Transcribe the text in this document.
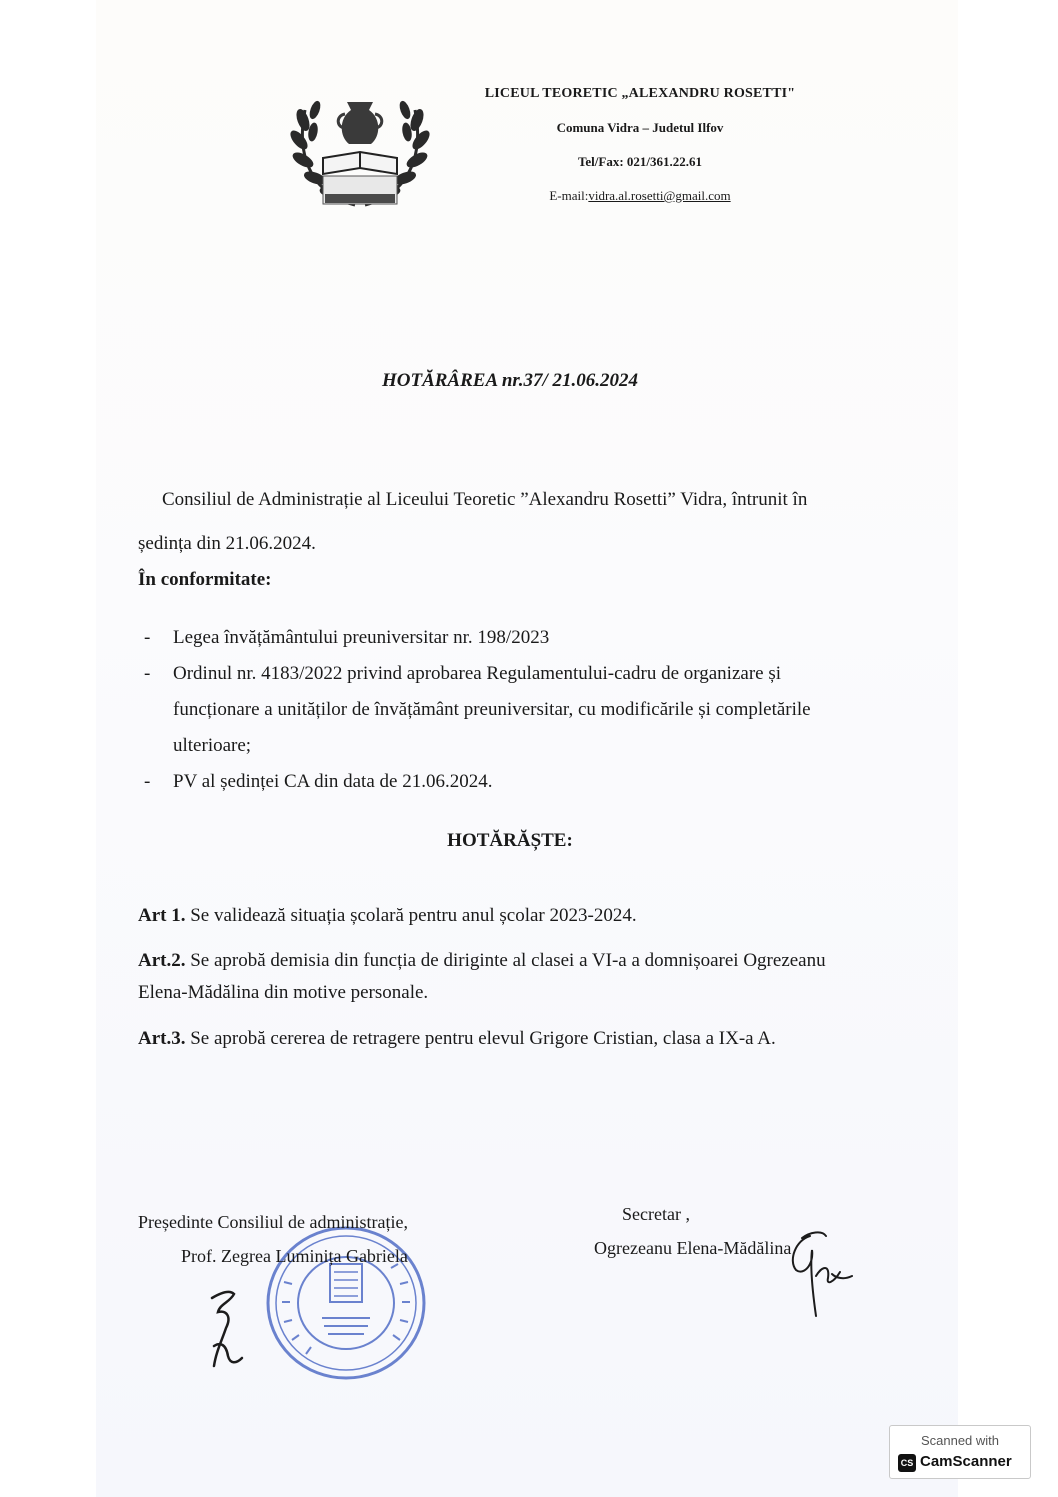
LICEUL TEORETIC „ALEXANDRU ROSETTI"
Comuna Vidra – Judetul Ilfov
Tel/Fax: 021/361.22.61
E-mail:vidra.al.rosetti@gmail.com
HOTĂRÂREA nr.37/ 21.06.2024
Consiliul de Administrație al Liceului Teoretic ”Alexandru Rosetti” Vidra, întrunit în ședința din 21.06.2024.
În conformitate:
- Legea învățământului preuniversitar nr. 198/2023
- Ordinul nr. 4183/2022 privind aprobarea Regulamentului-cadru de organizare și funcționare a unităților de învățământ preuniversitar, cu modificările și completările ulterioare;
- PV al ședinței CA din data de 21.06.2024.
HOTĂRĂȘTE:
Art 1. Se validează situația școlară pentru anul școlar 2023-2024.
Art.2. Se aprobă demisia din funcția de diriginte al clasei a VI-a a domnișoarei Ogrezeanu Elena-Mădălina din motive personale.
Art.3. Se aprobă cererea de retragere pentru elevul Grigore Cristian, clasa a IX-a A.
Președinte Consiliul de administrație,
Prof. Zegrea Luminița Gabriela
Secretar ,
Ogrezeanu Elena-Mădălina
Scanned with
CS CamScanner
